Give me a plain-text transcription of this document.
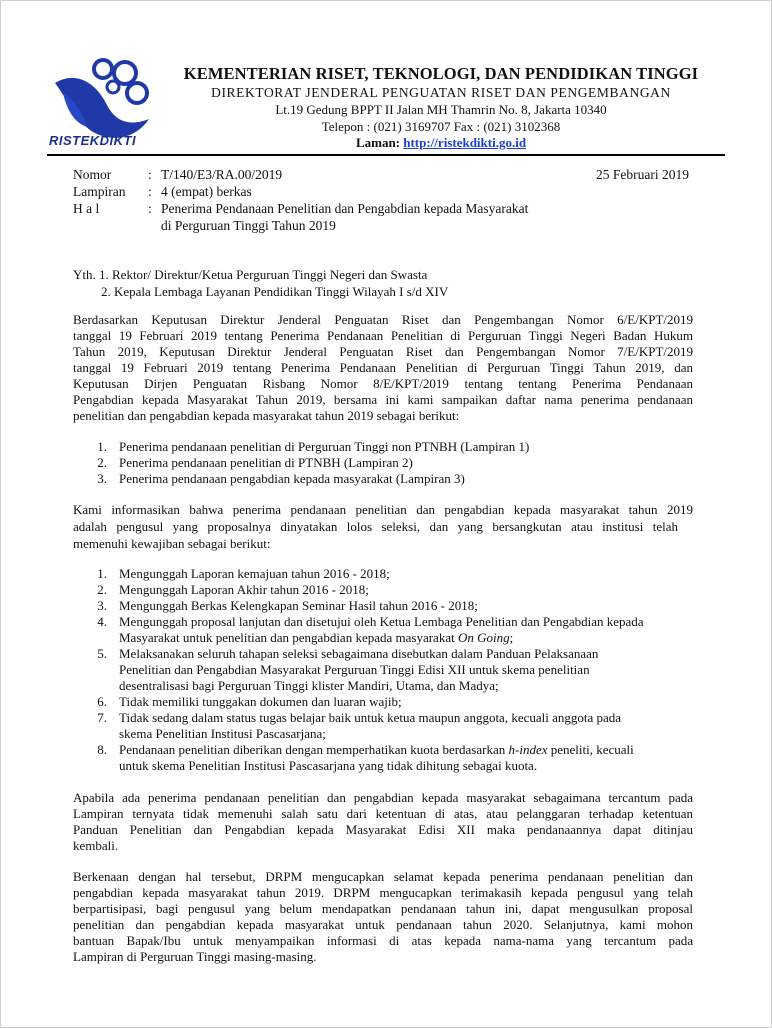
RISTEKDIKTI
KEMENTERIAN RISET, TEKNOLOGI, DAN PENDIDIKAN TINGGI
DIREKTORAT JENDERAL PENGUATAN RISET DAN PENGEMBANGAN
Lt.19 Gedung BPPT II Jalan MH Thamrin No. 8, Jakarta 10340
Telepon : (021) 3169707 Fax : (021) 3102368
Laman: http://ristekdikti.go.id
Nomor	: T/140/E3/RA.00/2019	25 Februari 2019
Lampiran	: 4 (empat) berkas
H a l	: Penerima Pendanaan Penelitian dan Pengabdian kepada Masyarakat
di Perguruan Tinggi Tahun 2019
Yth. 1. Rektor/ Direktur/Ketua Perguruan Tinggi Negeri dan Swasta
2. Kepala Lembaga Layanan Pendidikan Tinggi Wilayah I s/d XIV
Berdasarkan Keputusan Direktur Jenderal Penguatan Riset dan Pengembangan Nomor 6/E/KPT/2019
tanggal 19 Februari 2019 tentang Penerima Pendanaan Penelitian di Perguruan Tinggi Negeri Badan Hukum
Tahun 2019, Keputusan Direktur Jenderal Penguatan Riset dan Pengembangan Nomor 7/E/KPT/2019
tanggal 19 Februari 2019 tentang Penerima Pendanaan Penelitian di Perguruan Tinggi Tahun 2019, dan
Keputusan Dirjen Penguatan Risbang Nomor 8/E/KPT/2019 tentang tentang Penerima Pendanaan
Pengabdian kepada Masyarakat Tahun 2019, bersama ini kami sampaikan daftar nama penerima pendanaan
penelitian dan pengabdian kepada masyarakat tahun 2019 sebagai berikut:
1. Penerima pendanaan penelitian di Perguruan Tinggi non PTNBH (Lampiran 1)
2. Penerima pendanaan penelitian di PTNBH (Lampiran 2)
3. Penerima pendanaan pengabdian kepada masyarakat (Lampiran 3)
Kami informasikan bahwa penerima pendanaan penelitian dan pengabdian kepada masyarakat tahun 2019
adalah pengusul yang proposalnya dinyatakan lolos seleksi, dan yang bersangkutan atau institusi telah
memenuhi kewajiban sebagai berikut:
1. Mengunggah Laporan kemajuan tahun 2016 - 2018;
2. Mengunggah Laporan Akhir tahun 2016 - 2018;
3. Mengunggah Berkas Kelengkapan Seminar Hasil tahun 2016 - 2018;
4. Mengunggah proposal lanjutan dan disetujui oleh Ketua Lembaga Penelitian dan Pengabdian kepada
Masyarakat untuk penelitian dan pengabdian kepada masyarakat On Going;
5. Melaksanakan seluruh tahapan seleksi sebagaimana disebutkan dalam Panduan Pelaksanaan
Penelitian dan Pengabdian Masyarakat Perguruan Tinggi Edisi XII untuk skema penelitian
desentralisasi bagi Perguruan Tinggi klister Mandiri, Utama, dan Madya;
6. Tidak memiliki tunggakan dokumen dan luaran wajib;
7. Tidak sedang dalam status tugas belajar baik untuk ketua maupun anggota, kecuali anggota pada
skema Penelitian Institusi Pascasarjana;
8. Pendanaan penelitian diberikan dengan memperhatikan kuota berdasarkan h-index peneliti, kecuali
untuk skema Penelitian Institusi Pascasarjana yang tidak dihitung sebagai kuota.
Apabila ada penerima pendanaan penelitian dan pengabdian kepada masyarakat sebagaimana tercantum pada
Lampiran ternyata tidak memenuhi salah satu dari ketentuan di atas, atau pelanggaran terhadap ketentuan
Panduan Penelitian dan Pengabdian kepada Masyarakat Edisi XII maka pendanaannya dapat ditinjau
kembali.
Berkenaan dengan hal tersebut, DRPM mengucapkan selamat kepada penerima pendanaan penelitian dan
pengabdian kepada masyarakat tahun 2019. DRPM mengucapkan terimakasih kepada pengusul yang telah
berpartisipasi, bagi pengusul yang belum mendapatkan pendanaan tahun ini, dapat mengusulkan proposal
penelitian dan pengabdian kepada masyarakat untuk pendanaan tahun 2020. Selanjutnya, kami mohon
bantuan Bapak/Ibu untuk menyampaikan informasi di atas kepada nama-nama yang tercantum pada
Lampiran di Perguruan Tinggi masing-masing.
